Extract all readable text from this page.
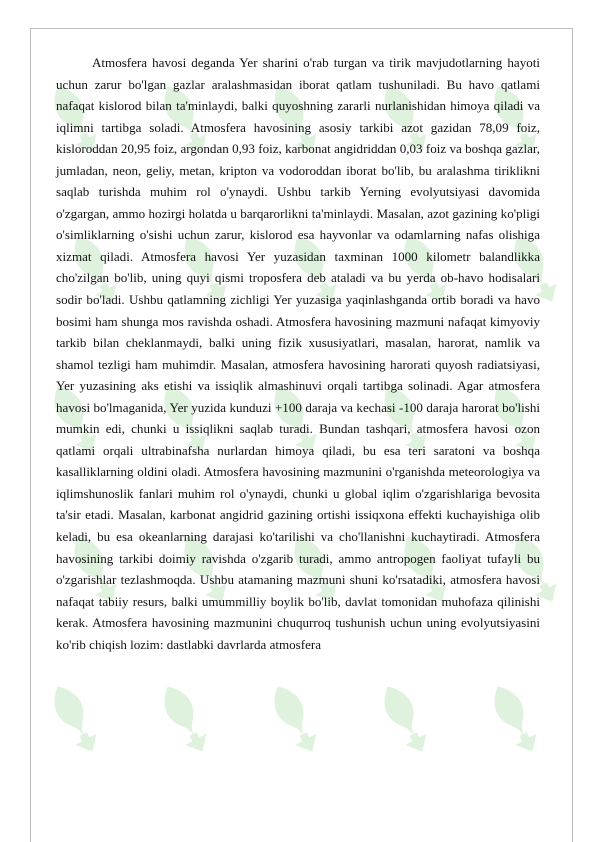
Atmosfera havosi deganda Yer sharini o'rab turgan va tirik mavjudotlarning hayoti uchun zarur bo'lgan gazlar aralashmasidan iborat qatlam tushuniladi. Bu havo qatlami nafaqat kislorod bilan ta'minlaydi, balki quyoshning zararli nurlanishidan himoya qiladi va iqlimni tartibga soladi. Atmosfera havosining asosiy tarkibi azot gazidan 78,09 foiz, kisloroddan 20,95 foiz, argondan 0,93 foiz, karbonat angidriddan 0,03 foiz va boshqa gazlar, jumladan, neon, geliy, metan, kripton va vodoroddan iborat bo'lib, bu aralashma tiriklikni saqlab turishda muhim rol o'ynaydi. Ushbu tarkib Yerning evolyutsiyasi davomida o'zgargan, ammo hozirgi holatda u barqarorlikni ta'minlaydi. Masalan, azot gazining ko'pligi o'simliklarning o'sishi uchun zarur, kislorod esa hayvonlar va odamlarning nafas olishiga xizmat qiladi. Atmosfera havosi Yer yuzasidan taxminan 1000 kilometr balandlikka cho'zilgan bo'lib, uning quyi qismi troposfera deb ataladi va bu yerda ob-havo hodisalari sodir bo'ladi. Ushbu qatlamning zichligi Yer yuzasiga yaqinlashganda ortib boradi va havo bosimi ham shunga mos ravishda oshadi. Atmosfera havosining mazmuni nafaqat kimyoviy tarkib bilan cheklanmaydi, balki uning fizik xususiyatlari, masalan, harorat, namlik va shamol tezligi ham muhimdir. Masalan, atmosfera havosining harorati quyosh radiatsiyasi, Yer yuzasining aks etishi va issiqlik almashinuvi orqali tartibga solinadi. Agar atmosfera havosi bo'lmaganida, Yer yuzida kunduzi +100 daraja va kechasi -100 daraja harorat bo'lishi mumkin edi, chunki u issiqlikni saqlab turadi. Bundan tashqari, atmosfera havosi ozon qatlami orqali ultrabinafsha nurlardan himoya qiladi, bu esa teri saratoni va boshqa kasalliklarning oldini oladi. Atmosfera havosining mazmunini o'rganishda meteorologiya va iqlimshunoslik fanlari muhim rol o'ynaydi, chunki u global iqlim o'zgarishlariga bevosita ta'sir etadi. Masalan, karbonat angidrid gazining ortishi issiqxona effekti kuchayishiga olib keladi, bu esa okeanlarning darajasi ko'tarilishi va cho'llanishni kuchaytiradi. Atmosfera havosining tarkibi doimiy ravishda o'zgarib turadi, ammo antropogen faoliyat tufayli bu o'zgarishlar tezlashmoqda. Ushbu atamaning mazmuni shuni ko'rsatadiki, atmosfera havosi nafaqat tabiiy resurs, balki umummilliy boylik bo'lib, davlat tomonidan muhofaza qilinishi kerak. Atmosfera havosining mazmunini chuqurroq tushunish uchun uning evolyutsiyasini ko'rib chiqish lozim: dastlabki davrlarda atmosfera
